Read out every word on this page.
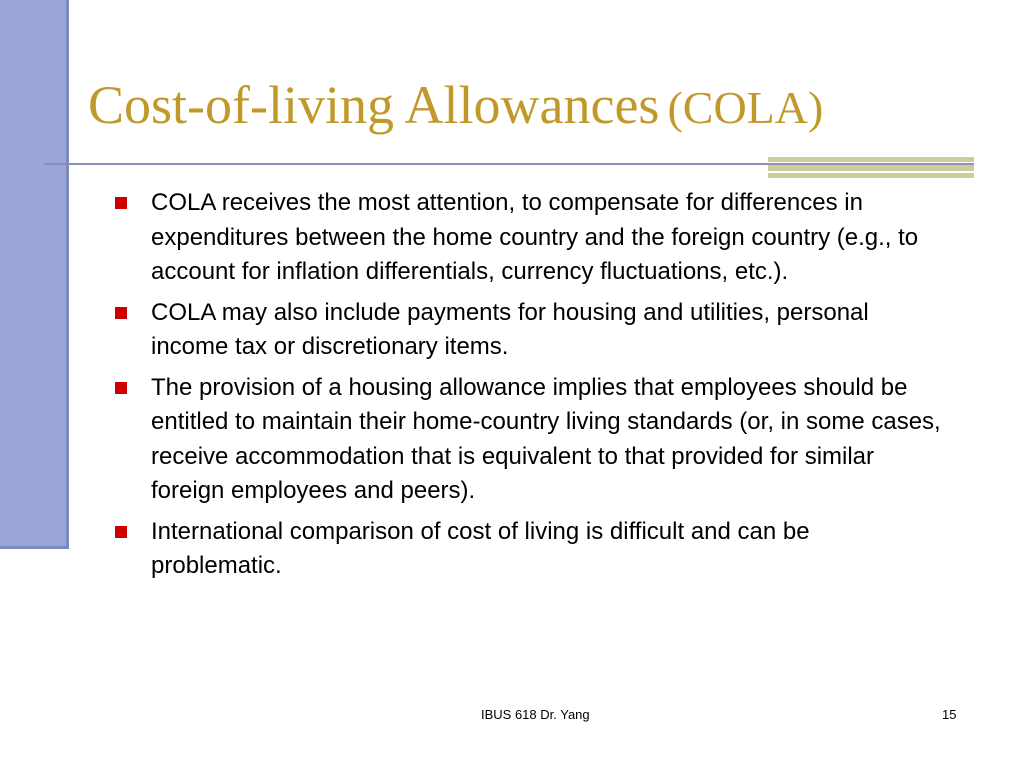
Cost-of-living Allowances (COLA)
COLA receives the most attention, to compensate for differences in expenditures between the home country and the foreign country (e.g., to account for inflation differentials, currency fluctuations, etc.).
COLA may also include payments for housing and utilities, personal income tax or discretionary items.
The provision of a housing allowance implies that employees should be entitled to maintain their home-country living standards (or, in some cases, receive accommodation that is equivalent to that provided for similar foreign employees and peers).
International comparison of cost of living is difficult and can be problematic.
IBUS 618 Dr. Yang	15
